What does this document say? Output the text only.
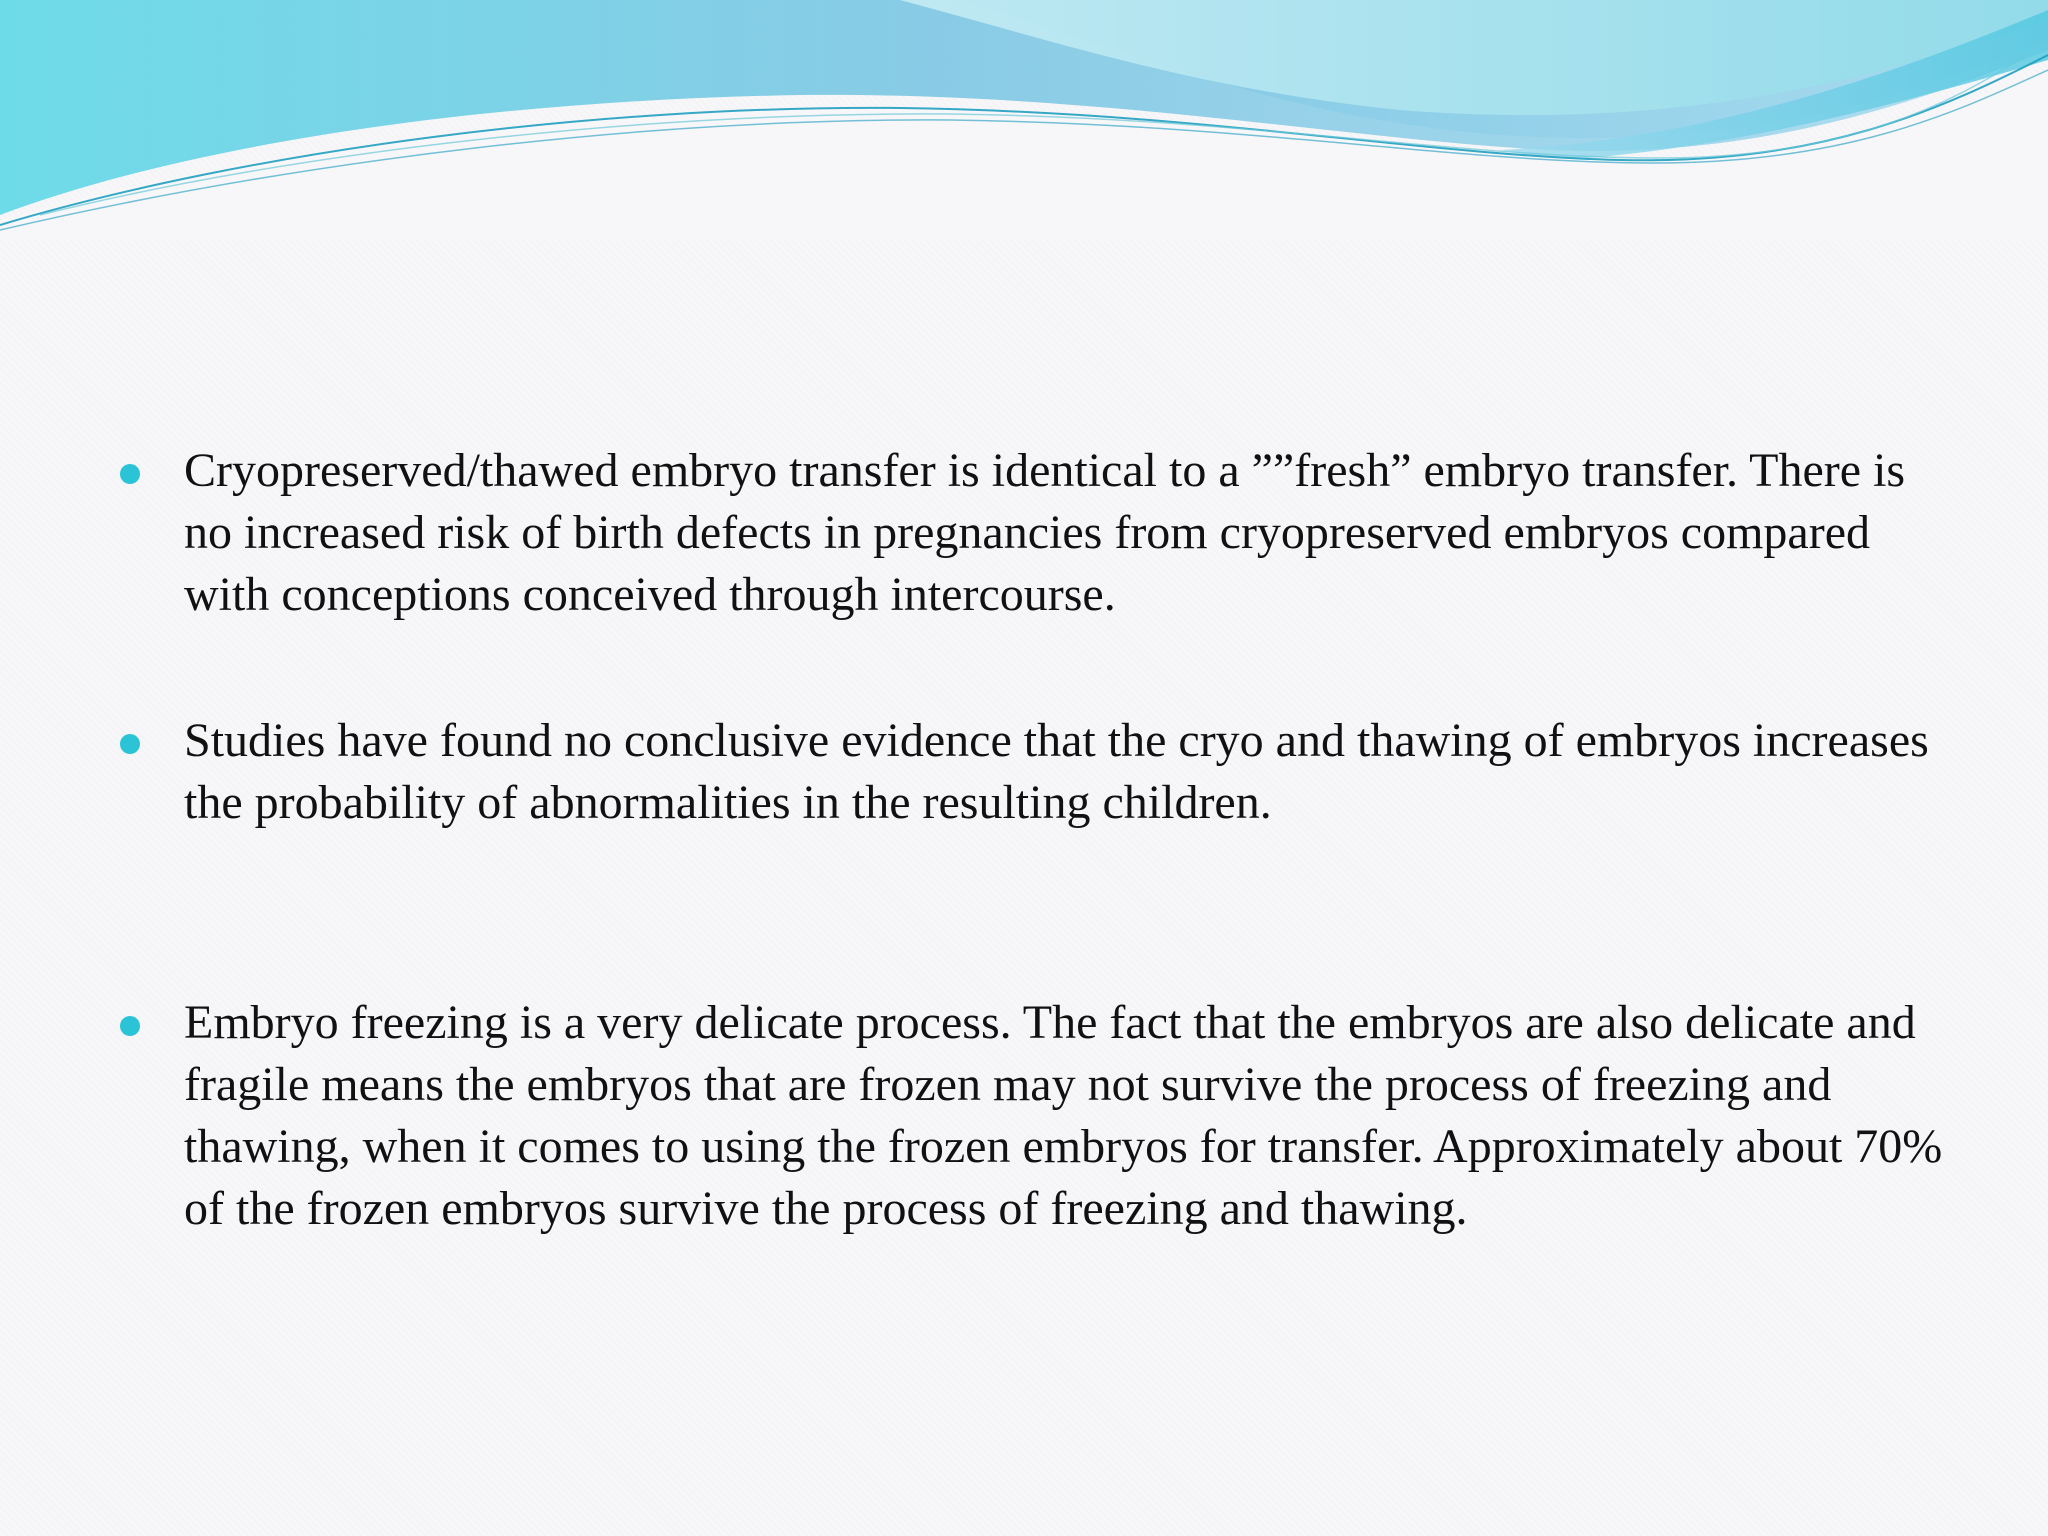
Cryopreserved/thawed embryo transfer is identical to a ””fresh” embryo transfer. There is no increased risk of birth defects in pregnancies from cryopreserved embryos compared with conceptions conceived through intercourse.
Studies have found no conclusive evidence that the cryo and thawing of embryos increases the probability of abnormalities in the resulting children.
Embryo freezing is a very delicate process. The fact that the embryos are also delicate and fragile means the embryos that are frozen may not survive the process of freezing and thawing, when it comes to using the frozen embryos for transfer. Approximately about 70% of the frozen embryos survive the process of freezing and thawing.
